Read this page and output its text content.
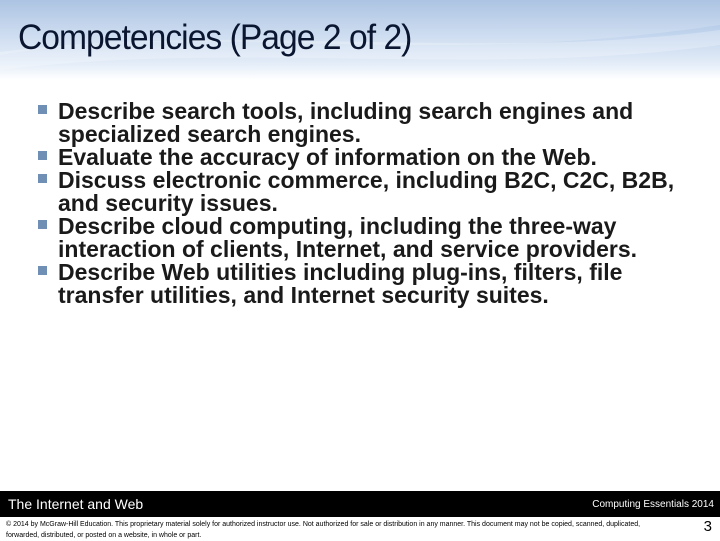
Competencies (Page 2 of 2)
Describe search tools, including search engines and specialized search engines.
Evaluate the accuracy of information on the Web.
Discuss electronic commerce, including B2C, C2C, B2B, and security issues.
Describe cloud computing, including the three-way interaction of clients, Internet, and service providers.
Describe Web utilities including plug-ins, filters, file transfer utilities, and Internet security suites.
The Internet and Web	Computing Essentials 2014
© 2014 by McGraw-Hill Education. This proprietary material solely for authorized instructor use. Not authorized for sale or distribution in any manner. This document may not be copied, scanned, duplicated, forwarded, distributed, or posted on a website, in whole or part.
3
